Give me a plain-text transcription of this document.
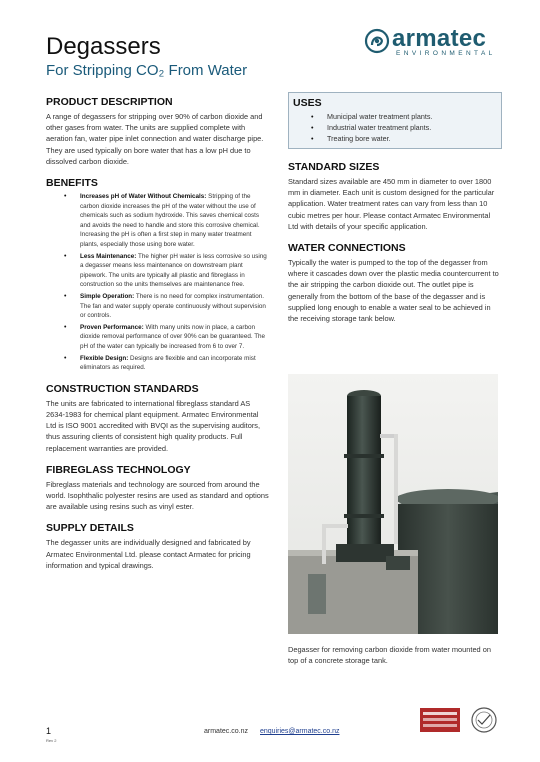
Degassers
For Stripping CO₂ From Water
armatec
ENVIRONMENTAL
PRODUCT DESCRIPTION

A range of degassers for stripping over 90% of carbon dioxide and other gases from water. The units are supplied complete with aeration fan, water pipe inlet connection and water discharge pipe. They are used typically on bore water that has a low pH due to dissolved carbon dioxide.

BENEFITS
• Increases pH of Water Without Chemicals: Stripping of the carbon dioxide increases the pH of the water without the use of chemicals such as sodium hydroxide. This saves chemical costs and avoids the need to handle and store this corrosive chemical. Increasing the pH is often a first step in many water treatment plants, especially those using bore water.
• Less Maintenance: The higher pH water is less corrosive so using a degasser means less maintenance on downstream plant pipework. The units are typically all plastic and fibreglass in construction so the units themselves are maintenance free.
• Simple Operation: There is no need for complex instrumentation. The fan and water supply operate continuously without supervision or controls.
• Proven Performance: With many units now in place, a carbon dioxide removal performance of over 90% can be guaranteed. The pH of the water can typically be increased from 6 to over 7.
• Flexible Design: Designs are flexible and can incorporate mist eliminators as required.
CONSTRUCTION STANDARDS

The units are fabricated to international fibreglass standard AS 2634-1983 for chemical plant equipment. Armatec Environmental Ltd is ISO 9001 accredited with BVQI as the supervising auditors, thus assuring clients of consistent high quality products. Full replacement warranties are provided.

FIBREGLASS TECHNOLOGY

Fibreglass materials and technology are sourced from around the world. Isophthalic polyester resins are used as standard and options are available using resins such as vinyl ester.

SUPPLY DETAILS

The degasser units are individually designed and fabricated by Armatec Environmental Ltd. please contact Armatec for pricing information and typical drawings.

USES
• Municipal water treatment plants.
• Industrial water treatment plants.
• Treating bore water.
STANDARD SIZES

Standard sizes available are 450 mm in diameter to over 1800 mm in diameter. Each unit is custom designed for the particular application. Water treatment rates can vary from less than 10 cubic metres per hour. Please contact Armatec Environmental Ltd with details of your specific application.

WATER CONNECTIONS

Typically the water is pumped to the top of the degasser from where it cascades down over the plastic media countercurrent to the air stripping the carbon dioxide out. The outlet pipe is generally from the bottom of the base of the degasser and is supplied long enough to enable a water seal to be achieved in the receiving storage tank below.

Degasser for removing carbon dioxide from water mounted on top of a concrete storage tank.
1
Rev 2
armatec.co.nz enquiries@armatec.co.nz
